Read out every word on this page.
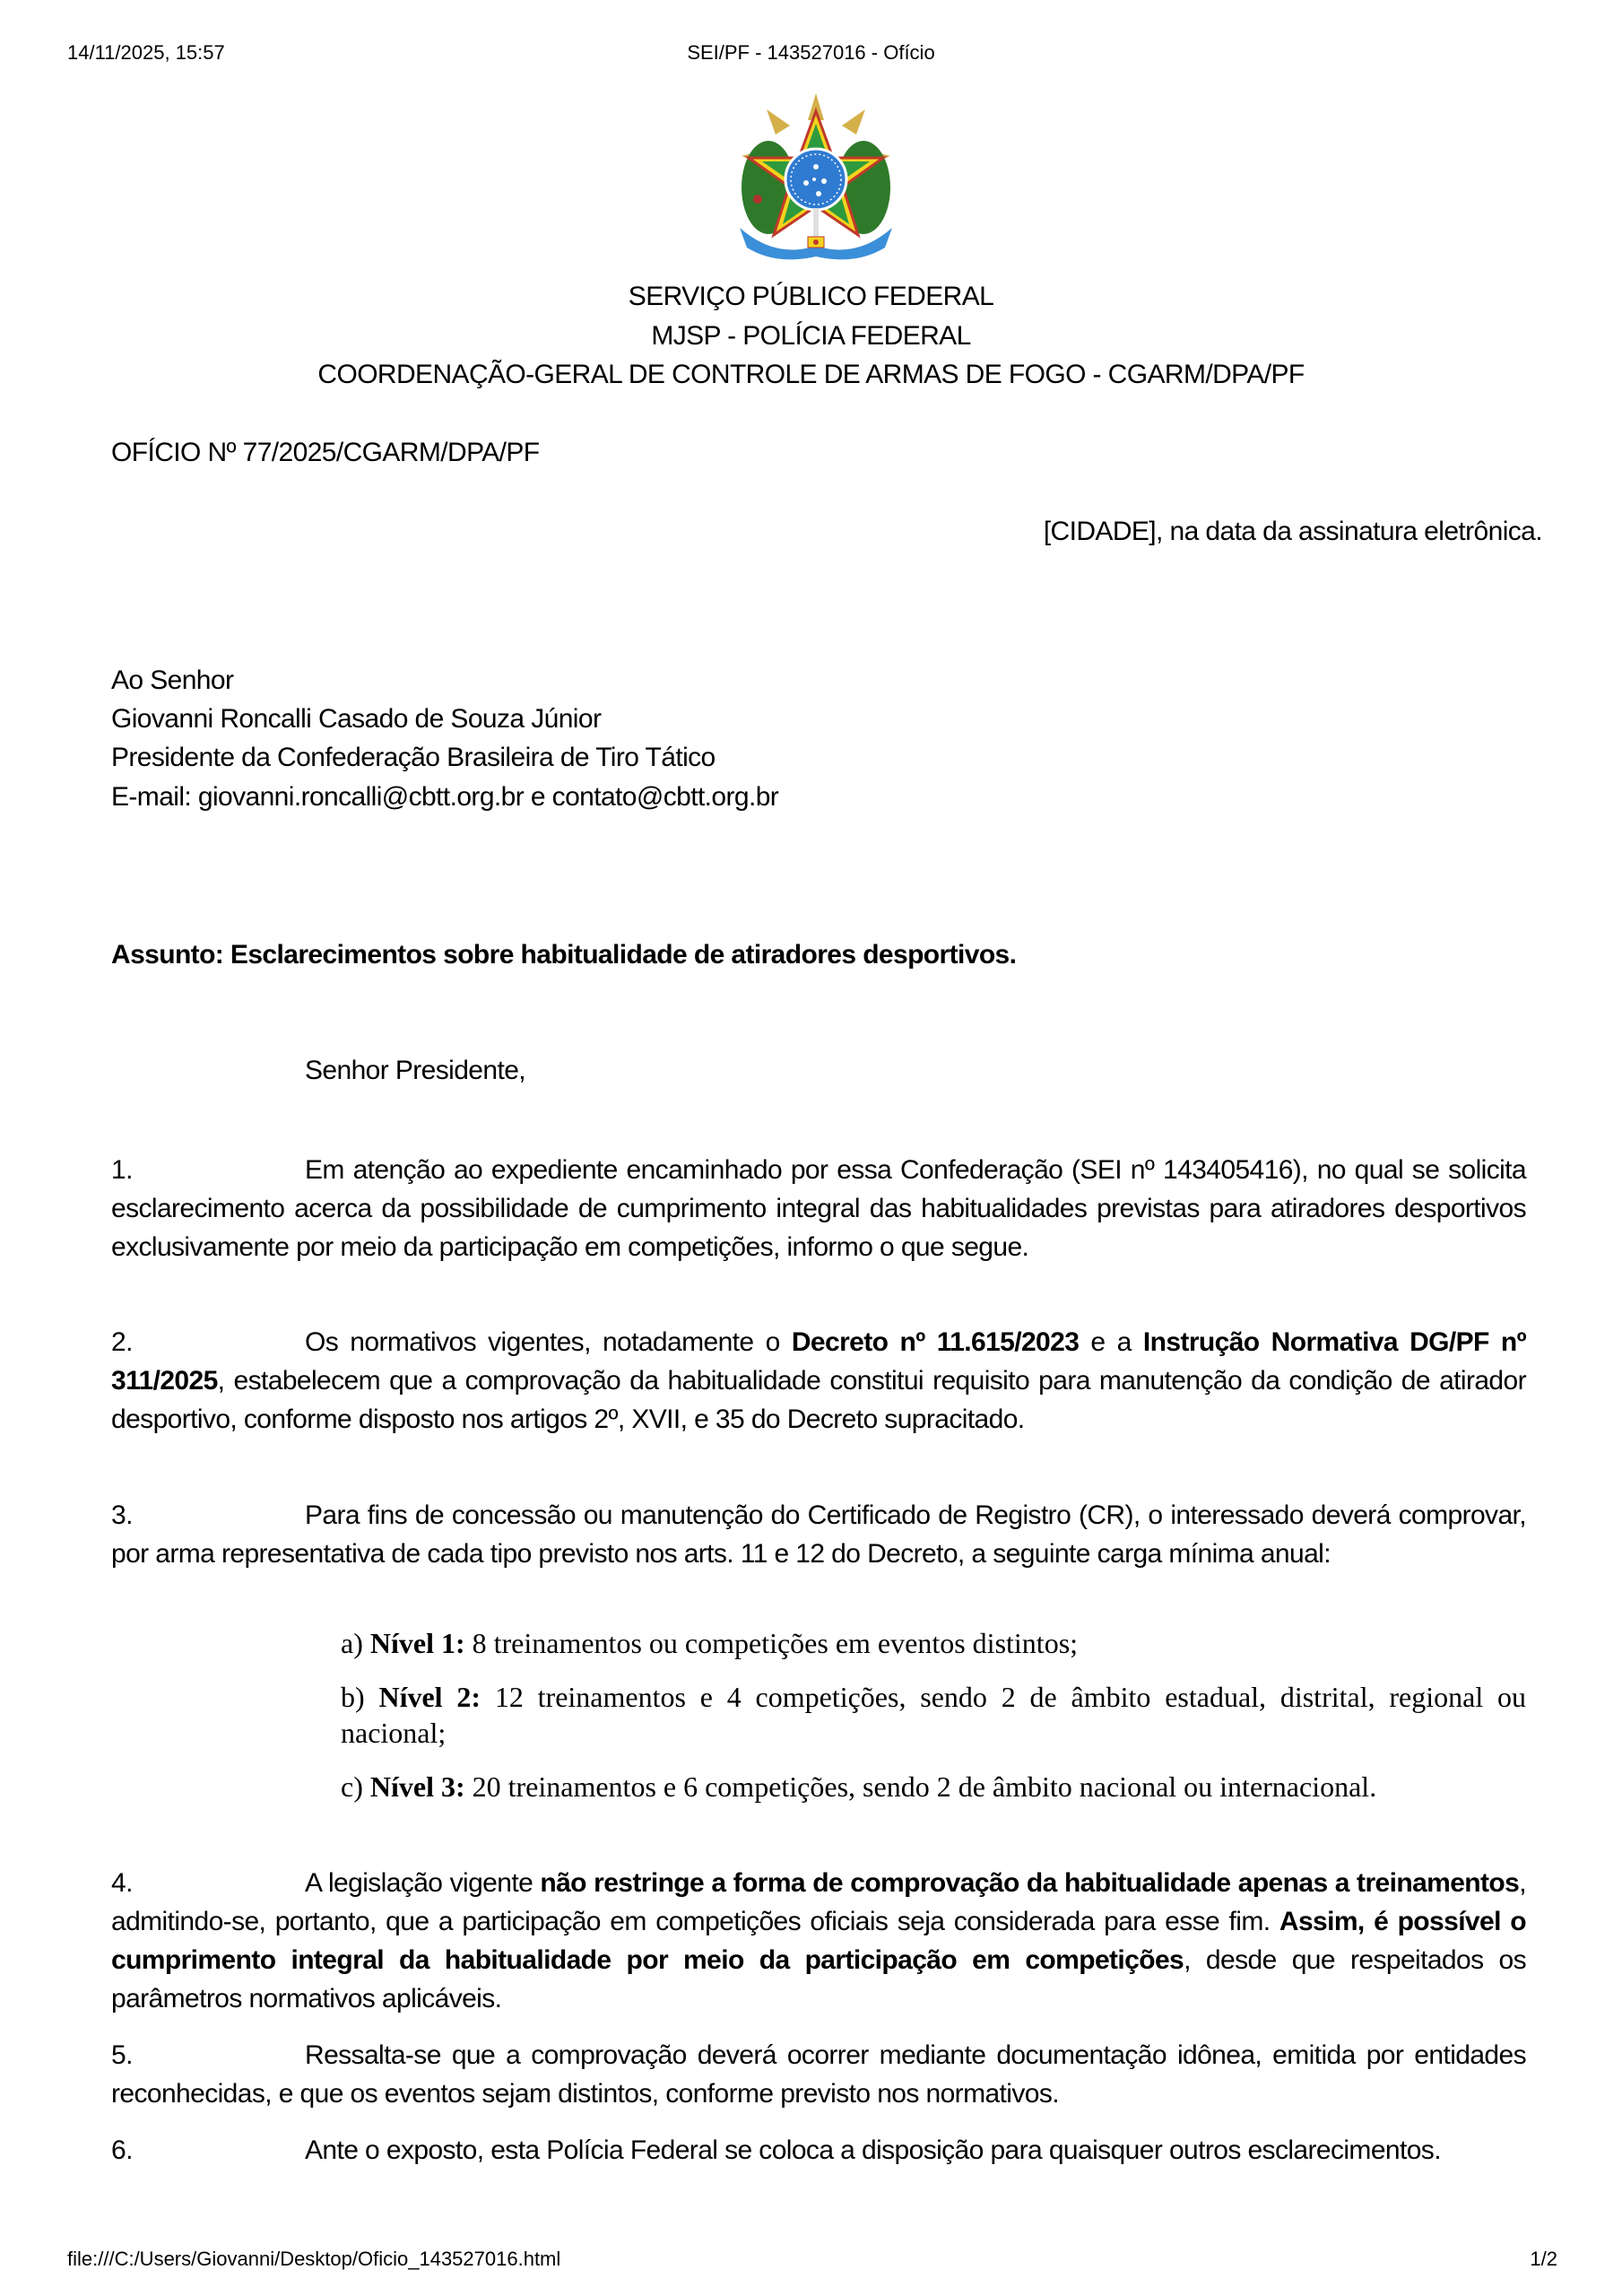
14/11/2025, 15:57	SEI/PF - 143527016 - Ofício
SERVIÇO PÚBLICO FEDERAL
MJSP - POLÍCIA FEDERAL
COORDENAÇÃO-GERAL DE CONTROLE DE ARMAS DE FOGO - CGARM/DPA/PF
OFÍCIO Nº 77/2025/CGARM/DPA/PF
[CIDADE], na data da assinatura eletrônica.
Ao Senhor
Giovanni Roncalli Casado de Souza Júnior
Presidente da Confederação Brasileira de Tiro Tático
E-mail: giovanni.roncalli@cbtt.org.br e contato@cbtt.org.br
Assunto: Esclarecimentos sobre habitualidade de atiradores desportivos.
Senhor Presidente,
1.	Em atenção ao expediente encaminhado por essa Confederação (SEI nº 143405416), no qual se solicita esclarecimento acerca da possibilidade de cumprimento integral das habitualidades previstas para atiradores desportivos exclusivamente por meio da participação em competições, informo o que segue.
2.	Os normativos vigentes, notadamente o Decreto nº 11.615/2023 e a Instrução Normativa DG/PF nº 311/2025, estabelecem que a comprovação da habitualidade constitui requisito para manutenção da condição de atirador desportivo, conforme disposto nos artigos 2º, XVII, e 35 do Decreto supracitado.
3.	Para fins de concessão ou manutenção do Certificado de Registro (CR), o interessado deverá comprovar, por arma representativa de cada tipo previsto nos arts. 11 e 12 do Decreto, a seguinte carga mínima anual:
a) Nível 1: 8 treinamentos ou competições em eventos distintos;
b) Nível 2: 12 treinamentos e 4 competições, sendo 2 de âmbito estadual, distrital, regional ou nacional;
c) Nível 3: 20 treinamentos e 6 competições, sendo 2 de âmbito nacional ou internacional.
4.	A legislação vigente não restringe a forma de comprovação da habitualidade apenas a treinamentos, admitindo-se, portanto, que a participação em competições oficiais seja considerada para esse fim. Assim, é possível o cumprimento integral da habitualidade por meio da participação em competições, desde que respeitados os parâmetros normativos aplicáveis.
5.	Ressalta-se que a comprovação deverá ocorrer mediante documentação idônea, emitida por entidades reconhecidas, e que os eventos sejam distintos, conforme previsto nos normativos.
6.	Ante o exposto, esta Polícia Federal se coloca a disposição para quaisquer outros esclarecimentos.
file:///C:/Users/Giovanni/Desktop/Oficio_143527016.html	1/2
